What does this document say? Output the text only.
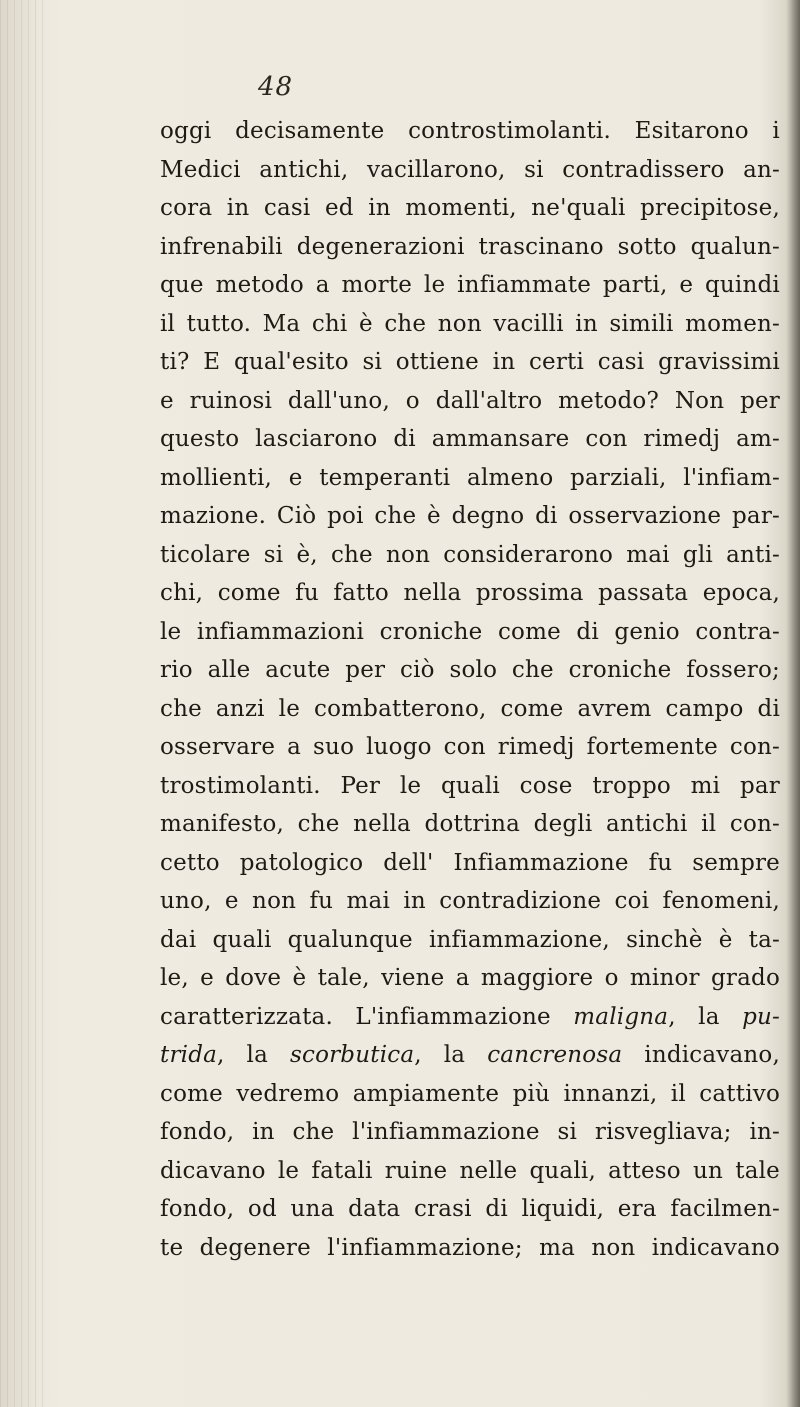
48
oggi decisamente controstimolanti. Esitarono i
Medici antichi, vacillarono, si contradissero an-
cora in casi ed in momenti, ne'quali precipitose,
infrenabili degenerazioni trascinano sotto qualun-
que metodo a morte le infiammate parti, e quindi
il tutto. Ma chi è che non vacilli in simili momen-
ti? E qual'esito si ottiene in certi casi gravissimi
e ruinosi dall'uno, o dall'altro metodo? Non per
questo lasciarono di ammansare con rimedj am-
mollienti, e temperanti almeno parziali, l'infiam-
mazione. Ciò poi che è degno di osservazione par-
ticolare si è, che non considerarono mai gli anti-
chi, come fu fatto nella prossima passata epoca,
le infiammazioni croniche come di genio contra-
rio alle acute per ciò solo che croniche fossero;
che anzi le combatterono, come avrem campo di
osservare a suo luogo con rimedj fortemente con-
trostimolanti. Per le quali cose troppo mi par
manifesto, che nella dottrina degli antichi il con-
cetto patologico dell' Infiammazione fu sempre
uno, e non fu mai in contradizione coi fenomeni,
dai quali qualunque infiammazione, sinchè è ta-
le, e dove è tale, viene a maggiore o minor grado
caratterizzata. L'infiammazione maligna, la pu-
trida, la scorbutica, la cancrenosa indicavano,
come vedremo ampiamente più innanzi, il cattivo
fondo, in che l'infiammazione si risvegliava; in-
dicavano le fatali ruine nelle quali, atteso un tale
fondo, od una data crasi di liquidi, era facilmen-
te degenere l'infiammazione; ma non indicavano
